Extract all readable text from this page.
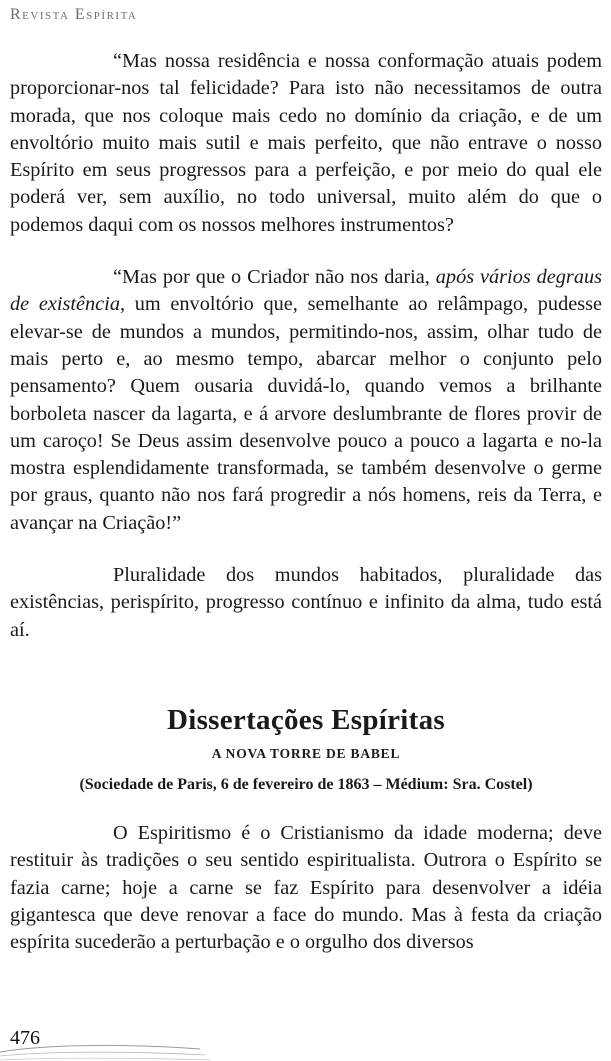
Revista Espírita

“Mas nossa residência e nossa conformação atuais podem proporcionar-nos tal felicidade? Para isto não necessitamos de outra morada, que nos coloque mais cedo no domínio da criação, e de um envoltório muito mais sutil e mais perfeito, que não entrave o nosso Espírito em seus progressos para a perfeição, e por meio do qual ele poderá ver, sem auxílio, no todo universal, muito além do que o podemos daqui com os nossos melhores instrumentos?

“Mas por que o Criador não nos daria, após vários degraus de existência, um envoltório que, semelhante ao relâmpago, pudesse elevar-se de mundos a mundos, permitindo-nos, assim, olhar tudo de mais perto e, ao mesmo tempo, abarcar melhor o conjunto pelo pensamento? Quem ousaria duvidá-lo, quando vemos a brilhante borboleta nascer da lagarta, e á arvore deslumbrante de flores provir de um caroço! Se Deus assim desenvolve pouco a pouco a lagarta e no-la mostra esplendidamente transformada, se também desenvolve o germe por graus, quanto não nos fará progredir a nós homens, reis da Terra, e avançar na Criação!”

Pluralidade dos mundos habitados, pluralidade das existências, perispírito, progresso contínuo e infinito da alma, tudo está aí.

Dissertações Espíritas
A NOVA TORRE DE BABEL
(Sociedade de Paris, 6 de fevereiro de 1863 – Médium: Sra. Costel)

O Espiritismo é o Cristianismo da idade moderna; deve restituir às tradições o seu sentido espiritualista. Outrora o Espírito se fazia carne; hoje a carne se faz Espírito para desenvolver a idéia gigantesca que deve renovar a face do mundo. Mas à festa da criação espírita sucederão a perturbação e o orgulho dos diversos

476
